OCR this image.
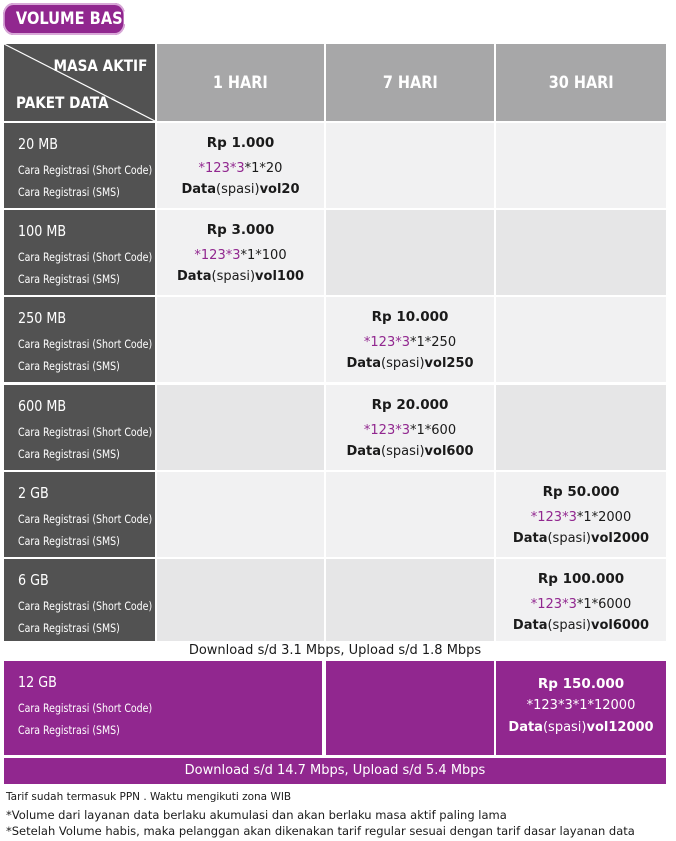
VOLUME BASED
MASA AKTIF
PAKET DATA
1 HARI	7 HARI	30 HARI
20 MB
Cara Registrasi (Short Code)
Cara Registrasi (SMS)
Rp 1.000
*123*3*1*20
Data(spasi)vol20
100 MB
Cara Registrasi (Short Code)
Cara Registrasi (SMS)
Rp 3.000
*123*3*1*100
Data(spasi)vol100
250 MB
Cara Registrasi (Short Code)
Cara Registrasi (SMS)
Rp 10.000
*123*3*1*250
Data(spasi)vol250
600 MB
Cara Registrasi (Short Code)
Cara Registrasi (SMS)
Rp 20.000
*123*3*1*600
Data(spasi)vol600
2 GB
Cara Registrasi (Short Code)
Cara Registrasi (SMS)
Rp 50.000
*123*3*1*2000
Data(spasi)vol2000
6 GB
Cara Registrasi (Short Code)
Cara Registrasi (SMS)
Rp 100.000
*123*3*1*6000
Data(spasi)vol6000
Download s/d 3.1 Mbps, Upload s/d 1.8 Mbps
12 GB
Cara Registrasi (Short Code)
Cara Registrasi (SMS)
Rp 150.000
*123*3*1*12000
Data(spasi)vol12000
Download s/d 14.7 Mbps, Upload s/d 5.4 Mbps
Tarif sudah termasuk PPN . Waktu mengikuti zona WIB
*Volume dari layanan data berlaku akumulasi dan akan berlaku masa aktif paling lama
*Setelah Volume habis, maka pelanggan akan dikenakan tarif regular sesuai dengan tarif dasar layanan data
